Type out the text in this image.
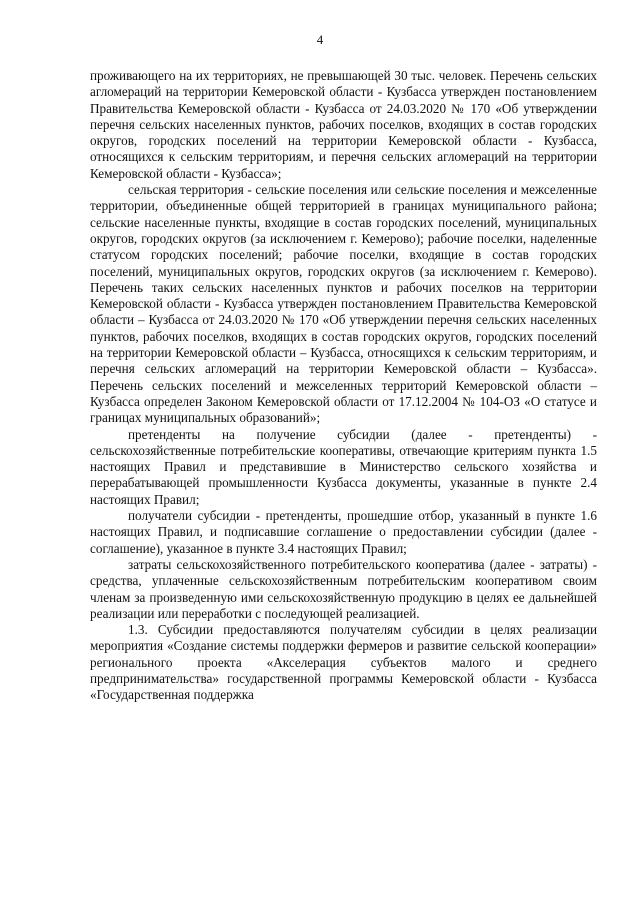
4

проживающего на их территориях, не превышающей 30 тыс. человек. Перечень сельских агломераций на территории Кемеровской области - Кузбасса утвержден постановлением Правительства Кемеровской области - Кузбасса от 24.03.2020 № 170 «Об утверждении перечня сельских населенных пунктов, рабочих поселков, входящих в состав городских округов, городских поселений на территории Кемеровской области - Кузбасса, относящихся к сельским территориям, и перечня сельских агломераций на территории Кемеровской области - Кузбасса»;

сельская территория - сельские поселения или сельские поселения и межселенные территории, объединенные общей территорией в границах муниципального района; сельские населенные пункты, входящие в состав городских поселений, муниципальных округов, городских округов (за исключением г. Кемерово); рабочие поселки, наделенные статусом городских поселений; рабочие поселки, входящие в состав городских поселений, муниципальных округов, городских округов (за исключением г. Кемерово). Перечень таких сельских населенных пунктов и рабочих поселков на территории Кемеровской области - Кузбасса утвержден постановлением Правительства Кемеровской области – Кузбасса от 24.03.2020 № 170 «Об утверждении перечня сельских населенных пунктов, рабочих поселков, входящих в состав городских округов, городских поселений на территории Кемеровской области – Кузбасса, относящихся к сельским территориям, и перечня сельских агломераций на территории Кемеровской области – Кузбасса». Перечень сельских поселений и межселенных территорий Кемеровской области – Кузбасса определен Законом Кемеровской области от 17.12.2004 № 104-ОЗ «О статусе и границах муниципальных образований»;

претенденты на получение субсидии (далее - претенденты) - сельскохозяйственные потребительские кооперативы, отвечающие критериям пункта 1.5 настоящих Правил и представившие в Министерство сельского хозяйства и перерабатывающей промышленности Кузбасса документы, указанные в пункте 2.4 настоящих Правил;

получатели субсидии - претенденты, прошедшие отбор, указанный в пункте 1.6 настоящих Правил, и подписавшие соглашение о предоставлении субсидии (далее - соглашение), указанное в пункте 3.4 настоящих Правил;

затраты сельскохозяйственного потребительского кооператива (далее - затраты) - средства, уплаченные сельскохозяйственным потребительским кооперативом своим членам за произведенную ими сельскохозяйственную продукцию в целях ее дальнейшей реализации или переработки с последующей реализацией.

1.3. Субсидии предоставляются получателям субсидии в целях реализации мероприятия «Создание системы поддержки фермеров и развитие сельской кооперации» регионального проекта «Акселерация субъектов малого и среднего предпринимательства» государственной программы Кемеровской области - Кузбасса «Государственная поддержка
